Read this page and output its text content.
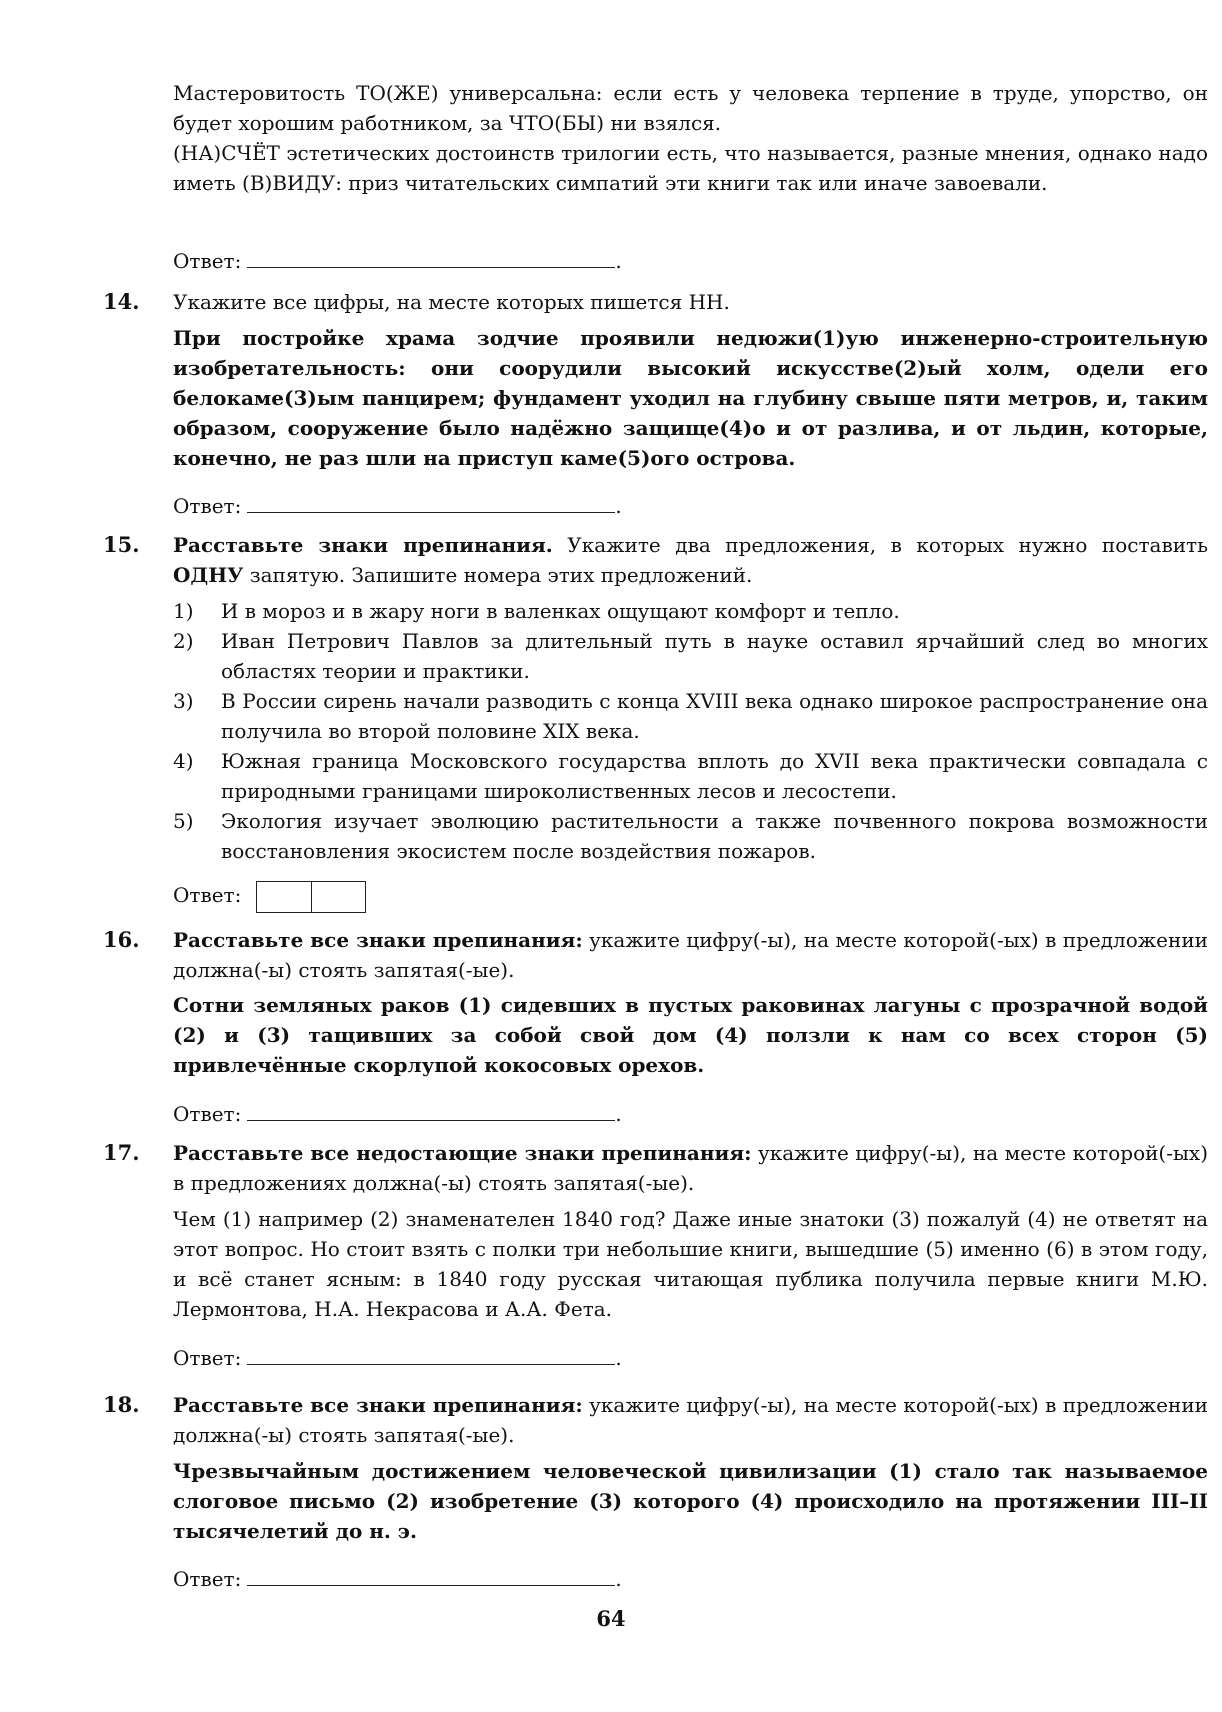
Мастеровитость ТО(ЖЕ) универсальна: если есть у человека терпение в труде, упорство, он будет хорошим работником, за ЧТО(БЫ) ни взялся.
(НА)СЧЁТ эстетических достоинств трилогии есть, что называется, разные мнения, однако надо иметь (В)ВИДУ: приз читательских симпатий эти книги так или иначе завоевали.
Ответ:	.
14. Укажите все цифры, на месте которых пишется НН.
При постройке храма зодчие проявили недюжи(1)ую инженерно-строительную изобретательность: они соорудили высокий искусстве(2)ый холм, одели его белокаме(3)ым панцирем; фундамент уходил на глубину свыше пяти метров, и, таким образом, сооружение было надёжно защище(4)о и от разлива, и от льдин, которые, конечно, не раз шли на приступ каме(5)ого острова.
Ответ:	.
15. Расставьте знаки препинания. Укажите два предложения, в которых нужно поставить ОДНУ запятую. Запишите номера этих предложений.
1) И в мороз и в жару ноги в валенках ощущают комфорт и тепло.
2) Иван Петрович Павлов за длительный путь в науке оставил ярчайший след во многих областях теории и практики.
3) В России сирень начали разводить с конца XVIII века однако широкое распространение она получила во второй половине XIX века.
4) Южная граница Московского государства вплоть до XVII века практически совпадала с природными границами широколиственных лесов и лесостепи.
5) Экология изучает эволюцию растительности а также почвенного покрова возможности восстановления экосистем после воздействия пожаров.
Ответ:
16. Расставьте все знаки препинания: укажите цифру(-ы), на месте которой(-ых) в предложении должна(-ы) стоять запятая(-ые).
Сотни земляных раков (1) сидевших в пустых раковинах лагуны с прозрачной водой (2) и (3) тащивших за собой свой дом (4) ползли к нам со всех сторон (5) привлечённые скорлупой кокосовых орехов.
Ответ:	.
17. Расставьте все недостающие знаки препинания: укажите цифру(-ы), на месте которой(-ых) в предложениях должна(-ы) стоять запятая(-ые).
Чем (1) например (2) знаменателен 1840 год? Даже иные знатоки (3) пожалуй (4) не ответят на этот вопрос. Но стоит взять с полки три небольшие книги, вышедшие (5) именно (6) в этом году, и всё станет ясным: в 1840 году русская читающая публика получила первые книги М.Ю. Лермонтова, Н.А. Некрасова и А.А. Фета.
Ответ:	.
18. Расставьте все знаки препинания: укажите цифру(-ы), на месте которой(-ых) в предложении должна(-ы) стоять запятая(-ые).
Чрезвычайным достижением человеческой цивилизации (1) стало так называемое слоговое письмо (2) изобретение (3) которого (4) происходило на протяжении III–II тысячелетий до н. э.
Ответ:	.
64
